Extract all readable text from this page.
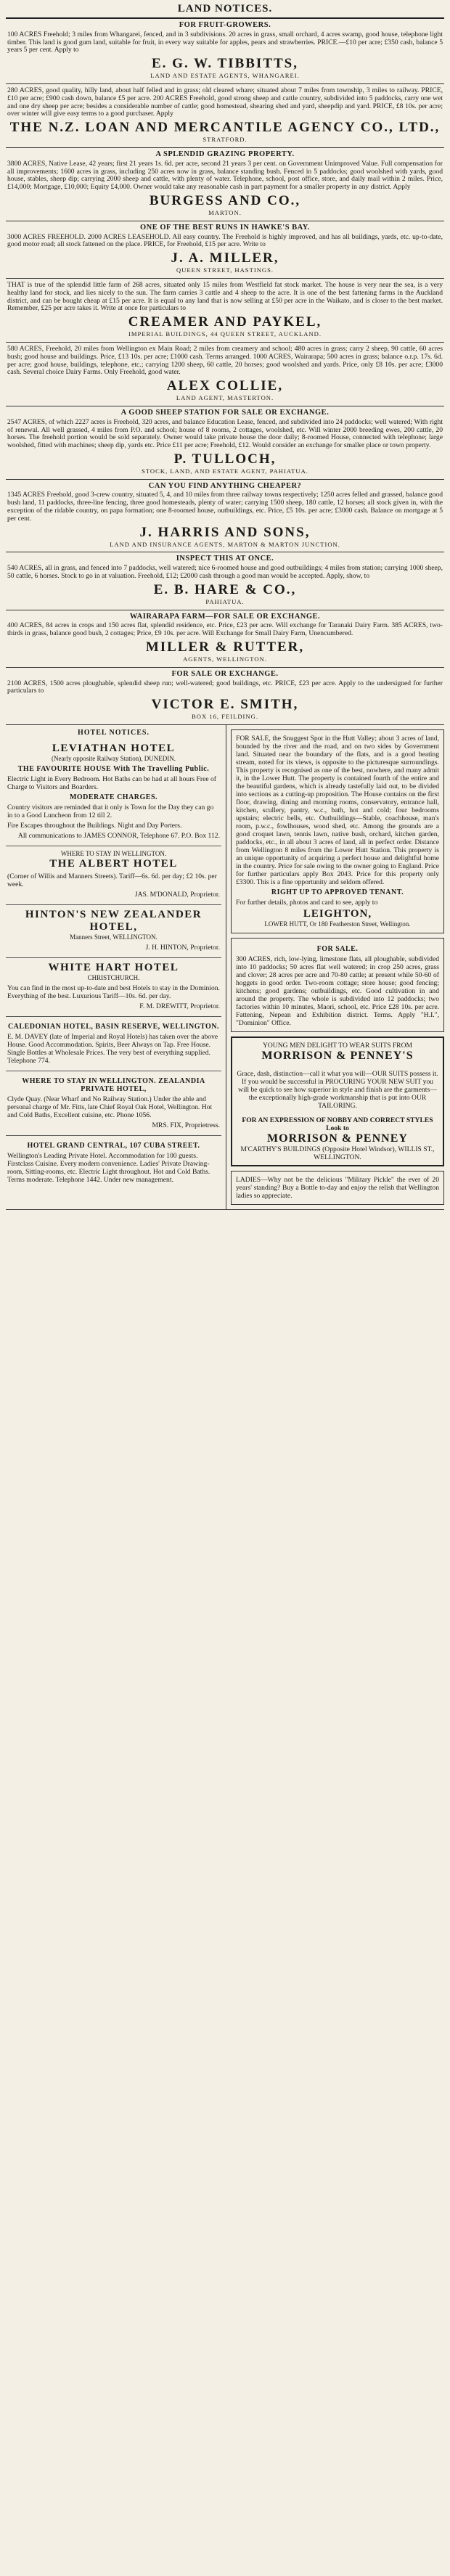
LAND NOTICES.
FOR FRUIT-GROWERS.

100 ACRES Freehold; 3 miles from Whangarei, fenced, and in 3 subdivisions. 20 acres in grass, small orchard, 4 acres swamp, good house, telephone light timber. This land is good gum land, suitable for fruit, in every way suitable for apples, pears and strawberries. PRICE.—£10 per acre; £350 cash, balance 5 years 5 per cent. Apply to

E. G. W. TIBBITTS,
LAND AND ESTATE AGENTS, WHANGAREI.

280 ACRES, good quality, hilly land, about half felled and in grass; old cleared whare; situated about 7 miles from township, 3 miles to railway. PRICE, £10 per acre; £900 cash down, balance £5 per acre. 200 ACRES Freehold, good strong sheep and cattle country, subdivided into 5 paddocks, carry one wet and one dry sheep per acre; besides a considerable number of cattle; good homestead, shearing shed and yard, sheepdip and yard. PRICE, £8 10s. per acre; over winter will give easy terms to a good purchaser. Apply

THE N.Z. LOAN AND MERCANTILE AGENCY CO., LTD.,
STRATFORD.
A SPLENDID GRAZING PROPERTY.

3800 ACRES, Native Lease, 42 years; first 21 years 1s. 6d. per acre, second 21 years 3 per cent. on Government Unimproved Value. Full compensation for all improvements; 1600 acres in grass, including 250 acres now in grass, balance standing bush. Fenced in 5 paddocks; good woolshed with yards, good house, stables, sheep dip; carrying 2000 sheep and cattle, with plenty of water. Telephone, school, post office, store, and daily mail within 2 miles. Price, £14,000; Mortgage, £10,000; Equity £4,000. Owner would take any reasonable cash in part payment for a smaller property in any district. Apply

BURGESS AND CO.,
MARTON.
ONE OF THE BEST RUNS IN HAWKE'S BAY.

3000 ACRES FREEHOLD. 2000 ACRES LEASEHOLD. All easy country. The Freehold is highly improved, and has all buildings, yards, etc. up-to-date, good motor road; all stock fattened on the place. PRICE, for Freehold, £15 per acre. Write to

J. A. MILLER,
QUEEN STREET, HASTINGS.

THAT is true of the splendid little farm of 268 acres, situated only 15 miles from Westfield fat stock market. The house is very near the sea, is a very healthy land for stock, and lies nicely to the sun. The farm carries 3 cattle and 4 sheep to the acre. It is one of the best fattening farms in the Auckland district, and can be bought cheap at £15 per acre. It is equal to any land that is now selling at £50 per acre in the Waikato, and is closer to the best market. Remember, £25 per acre takes it. Write at once for particulars to

CREAMER AND PAYKEL,
IMPERIAL BUILDINGS, 44 QUEEN STREET, AUCKLAND.

580 ACRES, Freehold, 20 miles from Wellington ex Main Road; 2 miles from creamery and school; 480 acres in grass; carry 2 sheep, 90 cattle, 60 acres bush; good house and buildings. Price, £13 10s. per acre; £1000 cash. Terms arranged. 1000 ACRES, Wairarapa; 500 acres in grass; balance o.r.p. 17s. 6d. per acre; good house, buildings, telephone, etc.; carrying 1200 sheep, 60 cattle, 20 horses; good woolshed and yards. Price, only £8 10s. per acre; £3000 cash. Several choice Dairy Farms. Only Freehold, good water.

ALEX COLLIE,
LAND AGENT, MASTERTON.
A GOOD SHEEP STATION FOR SALE OR EXCHANGE.

2547 ACRES, of which 2227 acres is Freehold, 320 acres, and balance Education Lease, fenced, and subdivided into 24 paddocks; well watered; With right of renewal. All well grassed, 4 miles from P.O. and school; house of 8 rooms, 2 cottages, woolshed, etc. Will winter 2000 breeding ewes, 200 cattle, 20 horses. The freehold portion would be sold separately. Owner would take private house the door daily; 8-roomed House, connected with telephone; large woolshed, fitted with machines; sheep dip, yards etc. Price £11 per acre; Freehold, £12. Would consider an exchange for smaller place or town property.

P. TULLOCH,
STOCK, LAND, AND ESTATE AGENT, PAHIATUA.
CAN YOU FIND ANYTHING CHEAPER?

1345 ACRES Freehold, good 3-crew country, situated 5, 4, and 10 miles from three railway towns respectively; 1250 acres felled and grassed, balance good bush land, 11 paddocks, three-line fencing, three good homesteads, plenty of water; carrying 1500 sheep, 180 cattle, 12 horses; all stock given in, with the exception of the ridable country, on papa formation; one 8-roomed house, outbuildings, etc. Price, £5 10s. per acre; £3000 cash. Balance on mortgage at 5 per cent.

J. HARRIS AND SONS,
LAND AND INSURANCE AGENTS, MARTON & MARTON JUNCTION.
INSPECT THIS AT ONCE.

540 ACRES, all in grass, and fenced into 7 paddocks, well watered; nice 6-roomed house and good outbuildings; 4 miles from station; carrying 1000 sheep, 50 cattle, 6 horses. Stock to go in at valuation. Freehold, £12; £2000 cash through a good man would be accepted. Apply, show, to

E. B. HARE & CO.,
PAHIATUA.
WAIRARAPA FARM—FOR SALE OR EXCHANGE.

400 ACRES, 84 acres in crops and 150 acres flat, splendid residence, etc. Price, £23 per acre. Will exchange for Taranaki Dairy Farm. 385 ACRES, two-thirds in grass, balance good bush, 2 cottages; Price, £9 10s. per acre. Will Exchange for Small Dairy Farm, Unencumbered.

MILLER & RUTTER,
AGENTS, WELLINGTON.
FOR SALE OR EXCHANGE.

2100 ACRES, 1500 acres ploughable, splendid sheep run; well-watered; good buildings, etc. PRICE, £23 per acre. Apply to the undersigned for further particulars to

VICTOR E. SMITH,
BOX 16, FEILDING.
HOTEL NOTICES.
LEVIATHAN HOTEL
(Nearly opposite Railway Station), DUNEDIN.
THE FAVOURITE HOUSE With The Travelling Public.

Electric Light in Every Bedroom. Hot Baths can be had at all hours Free of Charge to Visitors and Boarders.

MODERATE CHARGES.

Country visitors are reminded that it only is Town for the Day they can go in to a Good Luncheon from 12 till 2.

Fire Escapes throughout the Buildings. Night and Day Porters.

All communications to JAMES CONNOR, Telephone 67. P.O. Box 112.

WHERE TO STAY IN WELLINGTON.
THE ALBERT HOTEL

(Corner of Willis and Manners Streets). Tariff—6s. 6d. per day; £2 10s. per week.

JAS. M'DONALD, Proprietor.

HINTON'S NEW ZEALANDER HOTEL,
Manners Street, WELLINGTON.

J. H. HINTON, Proprietor.

WHITE HART HOTEL
CHRISTCHURCH.

You can find in the most up-to-date and best Hotels to stay in the Dominion. Everything of the best. Luxurious Tariff—10s. 6d. per day.

F. M. DREWITT, Proprietor.

CALEDONIAN HOTEL, BASIN RESERVE, WELLINGTON.

E. M. DAVEY (late of Imperial and Royal Hotels) has taken over the above House. Good Accommodation. Spirits, Beer Always on Tap. Free House. Single Bottles at Wholesale Prices. The very best of everything supplied. Telephone 774.

WHERE TO STAY IN WELLINGTON. ZEALANDIA PRIVATE HOTEL,

Clyde Quay. (Near Wharf and No Railway Station.) Under the able and personal charge of Mr. Fitts, late Chief Royal Oak Hotel, Wellington. Hot and Cold Baths, Excellent cuisine, etc. Phone 1056.

MRS. FIX, Proprietress.

HOTEL GRAND CENTRAL, 107 CUBA STREET.

Wellington's Leading Private Hotel. Accommodation for 100 guests. Firstclass Cuisine. Every modern convenience. Ladies' Private Drawing-room, Sitting-rooms, etc. Electric Light throughout. Hot and Cold Baths. Terms moderate. Telephone 1442. Under new management.

FOR SALE, the Snuggest Spot in the Hutt Valley; about 3 acres of land, bounded by the river and the road, and on two sides by Government land. Situated near the boundary of the flats, and is a good beating stream, noted for its views, is opposite to the picturesque surroundings. This property is recognised as one of the best, nowhere, and many admit it, in the Lower Hutt. The property is contained fourth of the entire and the beautiful gardens, which is already tastefully laid out, to be divided into sections as a cutting-up proposition. The House contains on the first floor, drawing, dining and morning rooms, conservatory, entrance hall, kitchen, scullery, pantry, w.c., bath, hot and cold; four bedrooms upstairs; electric bells, etc. Outbuildings—Stable, coachhouse, man's room, p.w.c., fowlhouses, wood shed, etc. Among the grounds are a good croquet lawn, tennis lawn, native bush, orchard, kitchen garden, paddocks, etc., in all about 3 acres of land, all in perfect order. Distance from Wellington 8 miles from the Lower Hutt Station. This property is an unique opportunity of acquiring a perfect house and delightful home in the country. Price for sale owing to the owner going to England. Price for further particulars apply Box 2043. Price for this property only £3300. This is a fine opportunity and seldom offered.

RIGHT UP TO APPROVED TENANT.

For further details, photos and card to see, apply to

LEIGHTON,
LOWER HUTT, Or 180 Featherston Street, Wellington.
FOR SALE.

300 ACRES, rich, low-lying, limestone flats, all ploughable, subdivided into 10 paddocks; 50 acres flat well watered; in crop 250 acres, grass and clover; 28 acres per acre and 70-80 cattle; at present while 50-60 of hoggets in good order. Two-room cottage; store house; good fencing; kitchens; good gardens; outbuildings, etc. Good cultivation in and around the property. The whole is subdivided into 12 paddocks; two factories within 10 minutes, Maori, school, etc. Price £28 10s. per acre. Fattening, Nepean and Exhibition district. Terms. Apply "H.I.", "Dominion" Office.

YOUNG MEN DELIGHT TO WEAR SUITS FROM
MORRISON & PENNEY'S

Grace, dash, distinction—call it what you will—OUR SUITS possess it. If you would be successful in PROCURING YOUR NEW SUIT you will be quick to see how superior in style and finish are the garments—the exceptionally high-grade workmanship that is put into OUR TAILORING.

FOR AN EXPRESSION OF NOBBY AND CORRECT STYLES Look to
MORRISON & PENNEY
M'CARTHY'S BUILDINGS (Opposite Hotel Windsor), WILLIS ST., WELLINGTON.

LADIES—Why not be the delicious "Military Pickle" the ever of 20 years' standing? Buy a Bottle to-day and enjoy the relish that Wellington ladies so appreciate.
